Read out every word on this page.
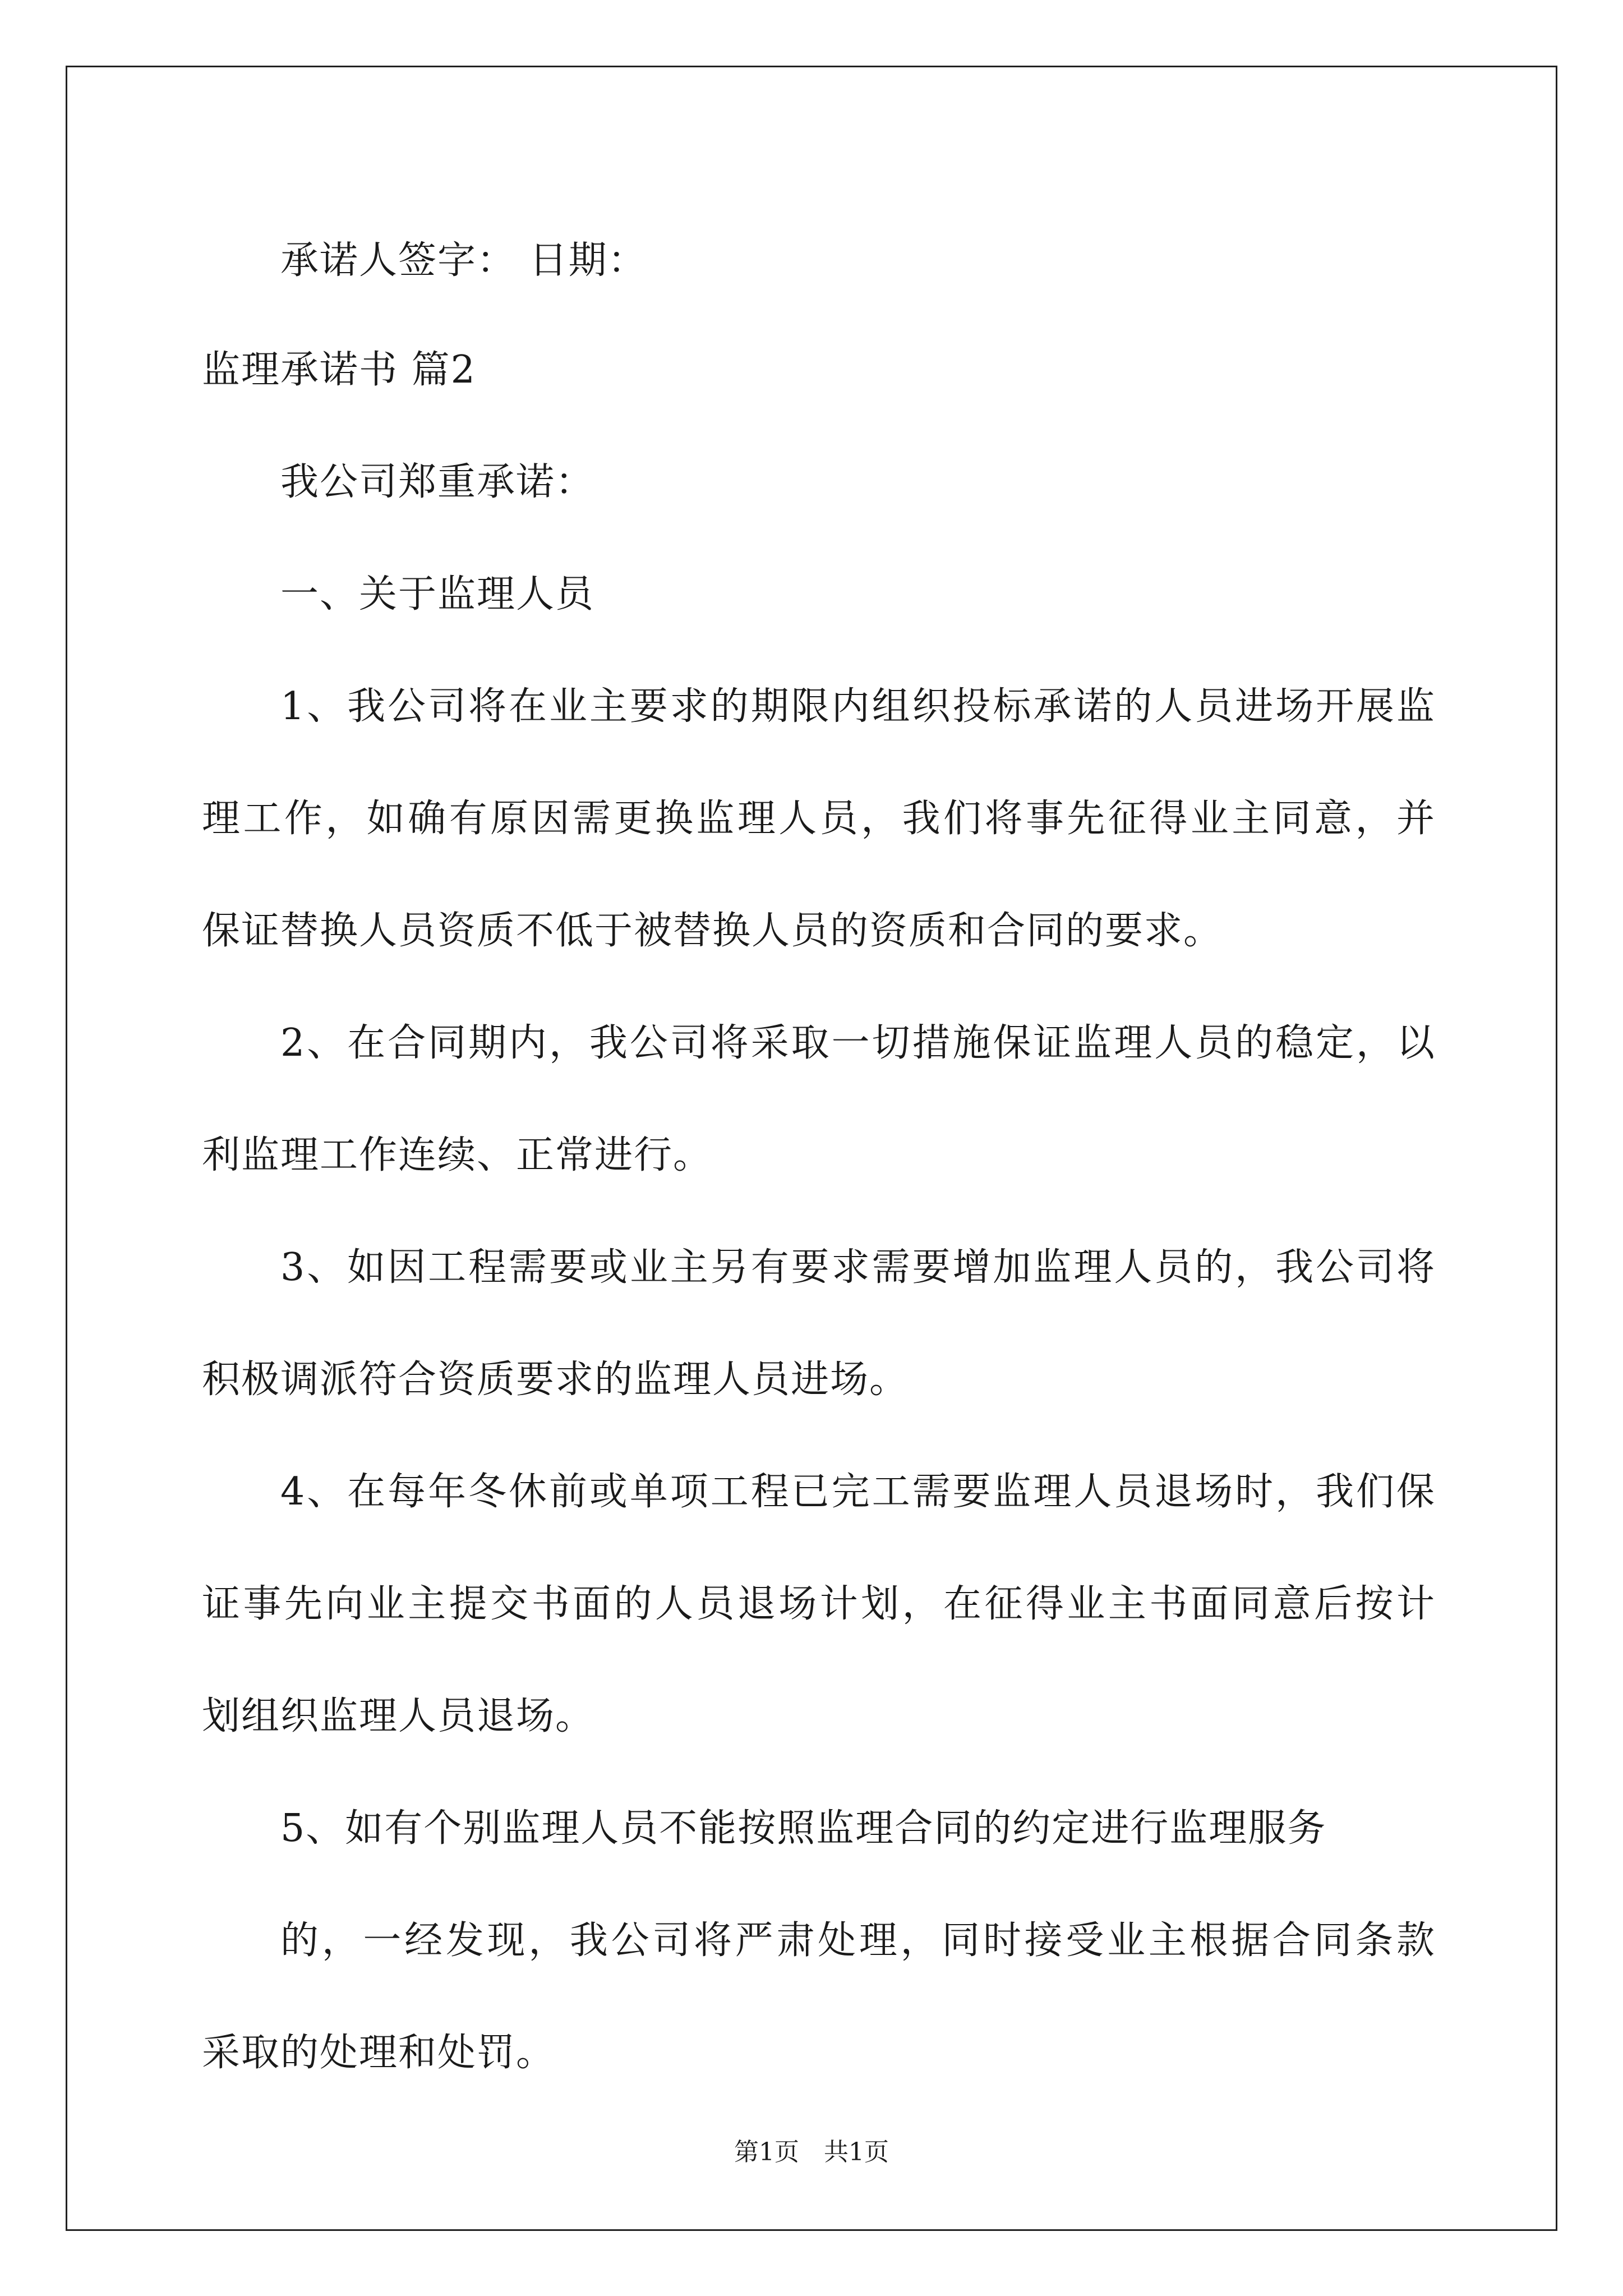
承诺人签字： 日期：
监理承诺书 篇2
我公司郑重承诺：
一、关于监理人员
1、我公司将在业主要求的期限内组织投标承诺的人员进场开展监
理工作，如确有原因需更换监理人员，我们将事先征得业主同意，并
保证替换人员资质不低于被替换人员的资质和合同的要求。
2、在合同期内，我公司将采取一切措施保证监理人员的稳定，以
利监理工作连续、正常进行。
3、如因工程需要或业主另有要求需要增加监理人员的，我公司将
积极调派符合资质要求的监理人员进场。
4、在每年冬休前或单项工程已完工需要监理人员退场时，我们保
证事先向业主提交书面的人员退场计划，在征得业主书面同意后按计
划组织监理人员退场。
5、如有个别监理人员不能按照监理合同的约定进行监理服务
的，一经发现，我公司将严肃处理，同时接受业主根据合同条款
采取的处理和处罚。
第1页　共1页
